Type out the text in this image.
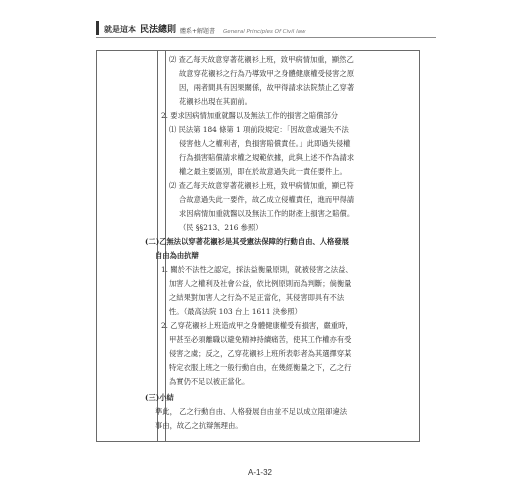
就是這本 民法總則 體系+解題書 General Principles Of Civil law
⑵ 查乙每天故意穿著花襯衫上班，致甲病情加重，顯然乙
故意穿花襯衫之行為乃導致甲之身體健康權受侵害之原
因，兩者間具有因果關係，故甲得請求法院禁止乙穿著
花襯衫出現在其面前。
2. 要求因病情加重就醫以及無法工作的損害之賠償部分
⑴ 民法第 184 條第 1 項前段規定：「因故意或過失不法
侵害他人之權利者，負損害賠償責任。」此即過失侵權
行為損害賠償請求權之規範依據，此與上述不作為請求
權之最主要區別，即在於故意過失此一責任要件上。
⑵ 查乙每天故意穿著花襯衫上班，致甲病情加重，顯已符
合故意過失此一要件，故乙成立侵權責任，進而甲得請
求因病情加重就醫以及無法工作的財產上損害之賠償。
（民 §§213、216 參照）
(二)乙無法以穿著花襯衫是其受憲法保障的行動自由、人格發展
自由為由抗辯
1. 關於不法性之認定，採法益衡量原則，就被侵害之法益、
加害人之權利及社會公益，依比例原則而為判斷；倘衡量
之結果對加害人之行為不足正當化，其侵害即具有不法
性。（最高法院 103 台上 1611 決參照）
2. 乙穿花襯衫上班造成甲之身體健康權受有損害，嚴重時，
甲甚至必須離職以避免精神持續痛苦，使其工作權亦有受
侵害之虞；反之，乙穿花襯衫上班所表彰者為其選擇穿某
特定衣服上班之一般行動自由，在幾經衡量之下，乙之行
為實仍不足以被正當化。
(三)小結
準此， 乙之行動自由、人格發展自由並不足以成立阻卻違法
事由，故乙之抗辯無理由。
A-1-32
